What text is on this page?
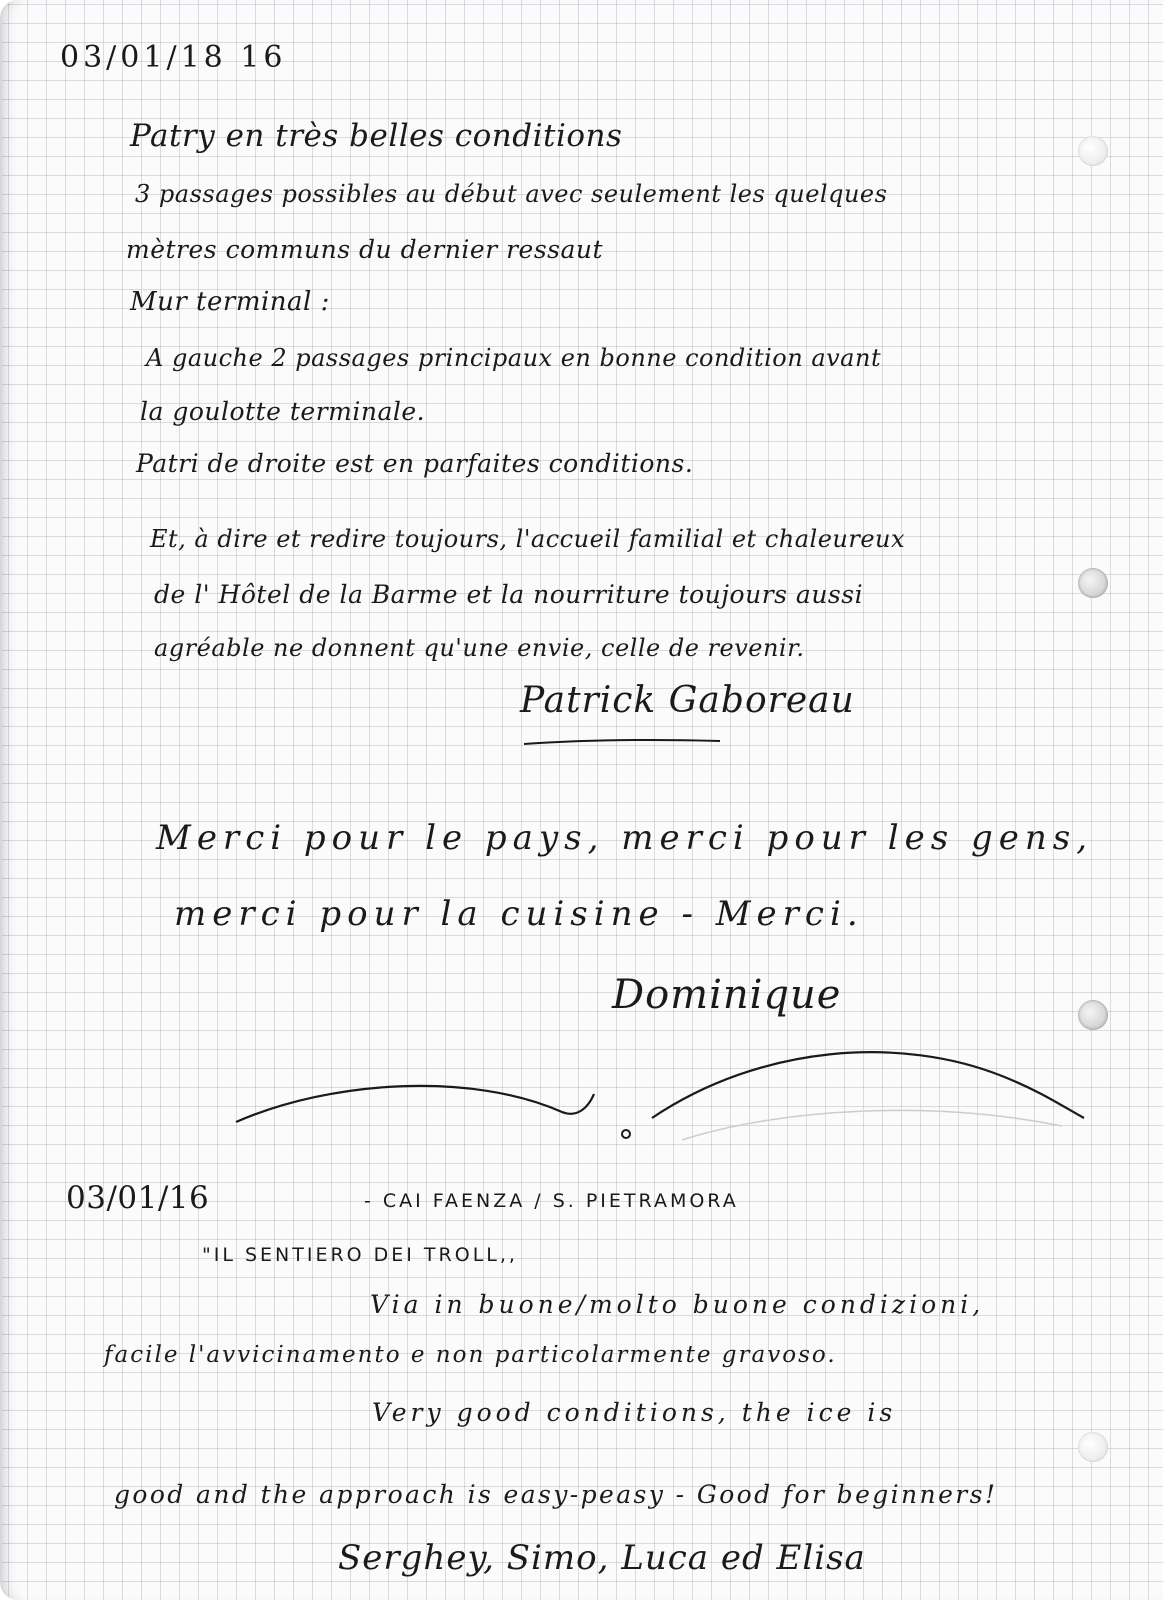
03/01/18 16
Patry en très belles conditions
3 passages possibles au début avec seulement les quelques
mètres communs du dernier ressaut
Mur terminal :
A gauche 2 passages principaux en bonne condition avant
la goulotte terminale.
Patri de droite est en parfaites conditions.
Et, à dire et redire toujours, l'accueil familial et chaleureux
de l' Hôtel de la Barme et la nourriture toujours aussi
agréable ne donnent qu'une envie, celle de revenir.
Patrick Gaboreau
Merci pour le pays, merci pour les gens,
merci pour la cuisine - Merci.
Dominique
03/01/16	- CAI FAENZA / S. PIETRAMORA
"IL SENTIERO DEI TROLL,,
Via in buone/molto buone condizioni,
facile l'avvicinamento e non particolarmente gravoso.
Very good conditions, the ice is
good and the approach is easy-peasy - Good for beginners!
Serghey, Simo, Luca ed Elisa
